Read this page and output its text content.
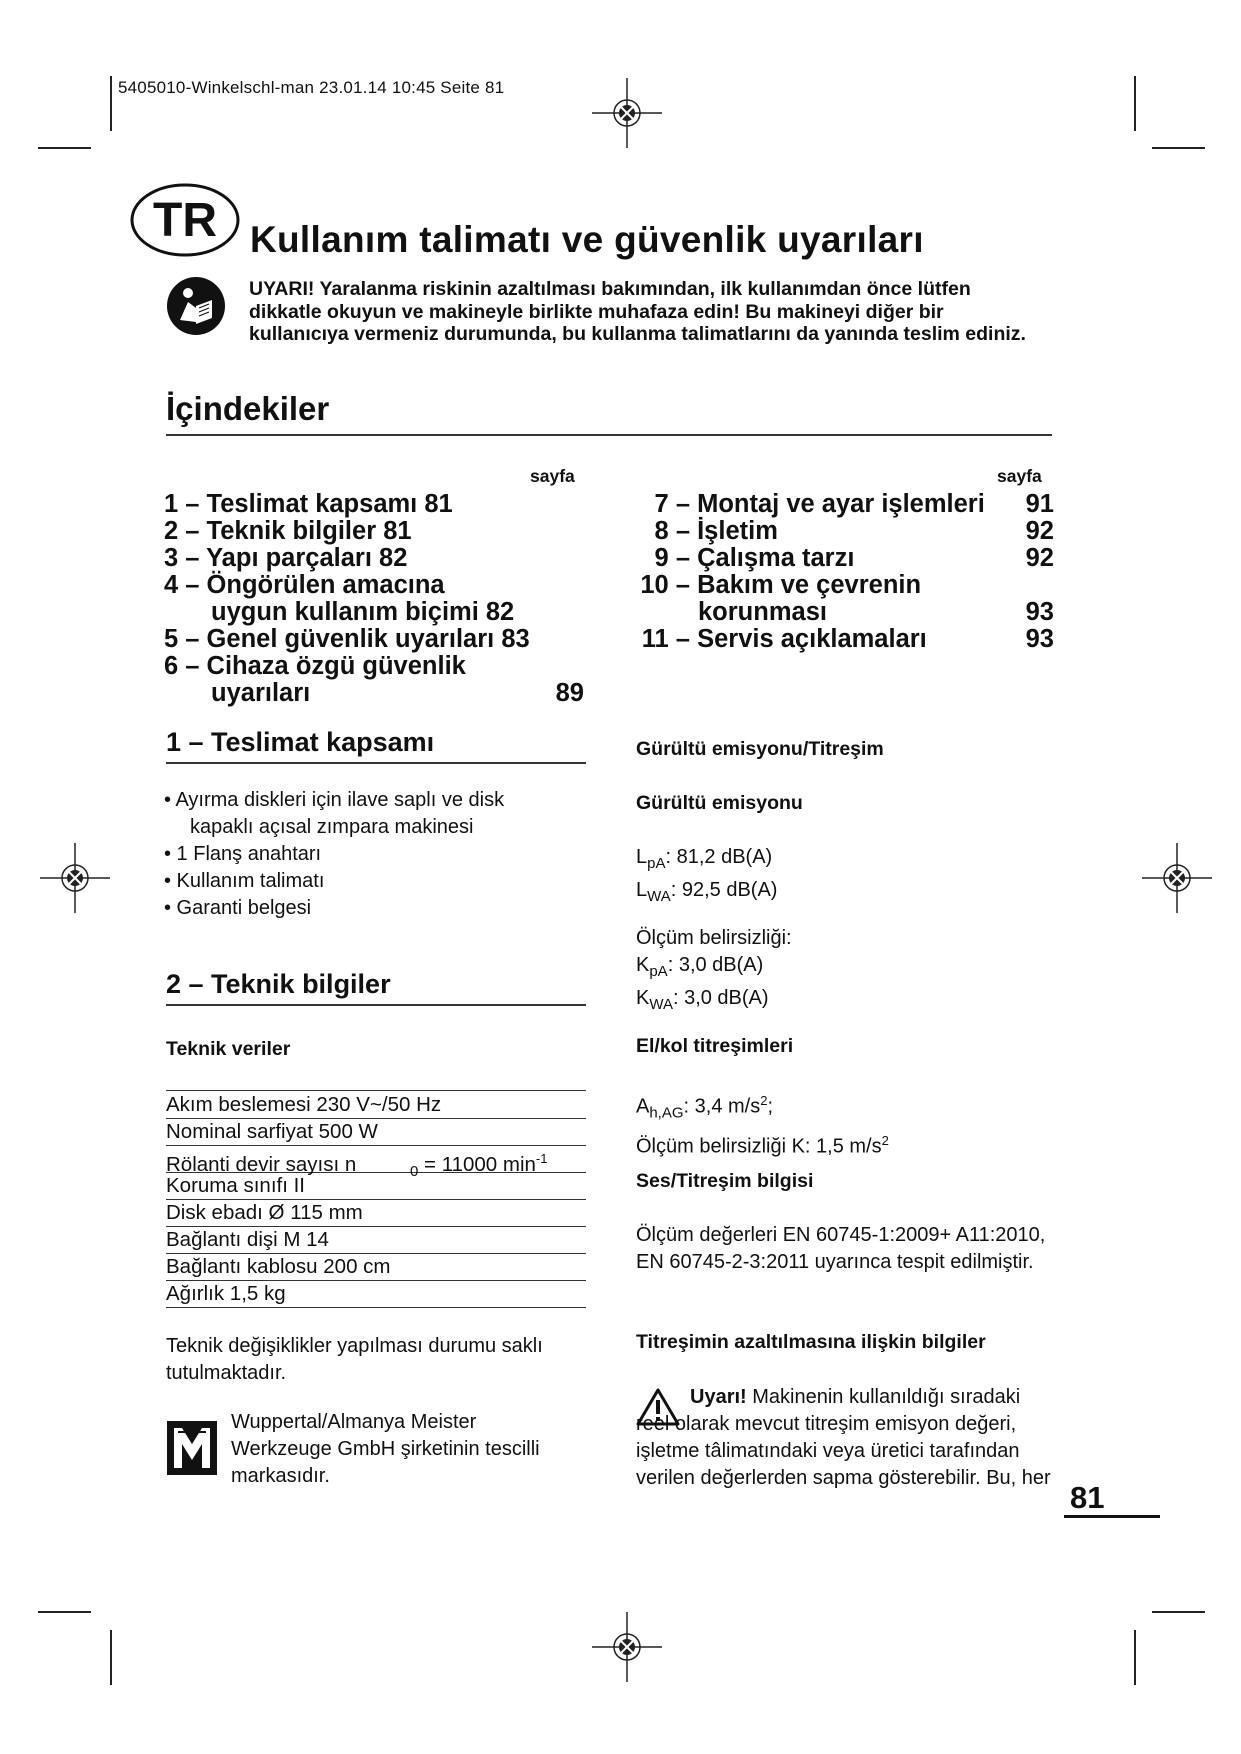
5405010-Winkelschl-man 23.01.14 10:45 Seite 81
TR Kullanım talimatı ve güvenlik uyarıları
UYARI! Yaralanma riskinin azaltılması bakımından, ilk kullanımdan önce lütfen dikkatle okuyun ve makineyle birlikte muhafaza edin! Bu makineyi diğer bir kullanıcıya vermeniz durumunda, bu kullanma talimatlarını da yanında teslim ediniz.
İçindekiler
sayfa	sayfa
1 – Teslimat kapsamı 81
2 – Teknik bilgiler 81
3 – Yapı parçaları 82
4 – Öngörülen amacına
uygun kullanım biçimi 82
5 – Genel güvenlik uyarıları 83
6 – Cihaza özgü güvenlik
uyarıları	89
7 – Montaj ve ayar işlemleri 91
8 – İşletim	92
9 – Çalışma tarzı	92
10 – Bakım ve çevrenin
korunması	93
11 – Servis açıklamaları	93
1 – Teslimat kapsamı
• Ayırma diskleri için ilave saplı ve disk
kapaklı açısal zımpara makinesi
• 1 Flanş anahtarı
• Kullanım talimatı
• Garanti belgesi
2 – Teknik bilgiler
Teknik veriler
Akım beslemesi 230 V~/50 Hz
Nominal sarfiyat 500 W
Rölanti devir sayısı n	$_0$ = 11000 $\min^{-1}$
Koruma sınıfı II
Disk ebadı Ø 115 mm
Bağlantı dişi M 14
Bağlantı kablosu 200 cm
Ağırlık 1,5 kg
Teknik değişiklikler yapılması durumu saklı tutulmaktadır.
Wuppertal/Almanya Meister Werkzeuge GmbH şirketinin tescilli markasıdır.
Gürültü emisyonu/Titreşim
Gürültü emisyonu
$L_{pA}$: 81,2 dB(A)
$L_{WA}$: 92,5 dB(A)
Ölçüm belirsizliği:
$K_{pA}$: 3,0 dB(A)
$K_{WA}$: 3,0 dB(A)
El/kol titreşimleri
$A_{h,AG}$: 3,4 $m/s^2$;
Ölçüm belirsizliği K: 1,5 $m/s^2$
Ses/Titreşim bilgisi
Ölçüm değerleri EN 60745-1:2009+ A11:2010, EN 60745-2-3:2011 uyarınca tespit edilmiştir.
Titreşimin azaltılmasına ilişkin bilgiler
Uyarı! Makinenin kullanıldığı sıradaki reel olarak mevcut titreşim emisyon değeri, işletme tâlimatındaki veya üretici tarafından verilen değerlerden sapma gösterebilir. Bu, her
81
